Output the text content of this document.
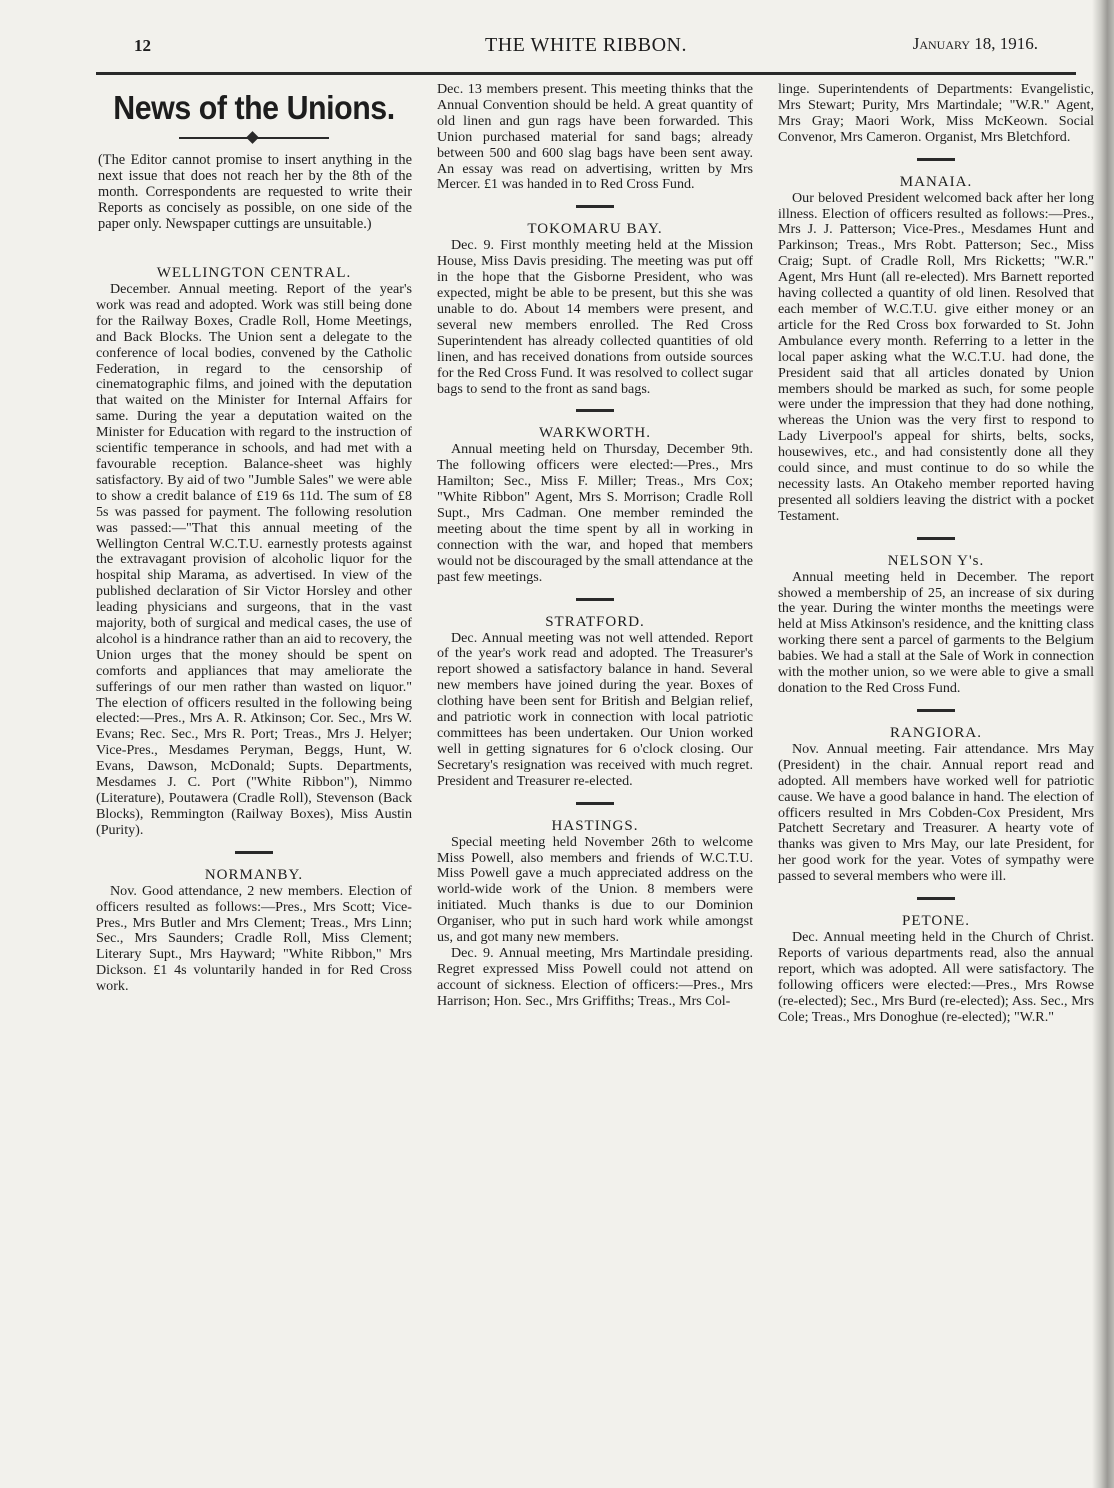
12	THE WHITE RIBBON.	January 18, 1916.
News of the Unions.

(The Editor cannot promise to insert anything in the next issue that does not reach her by the 8th of the month. Correspondents are requested to write their Reports as concisely as possible, on one side of the paper only. Newspaper cuttings are unsuitable.)

WELLINGTON CENTRAL.

December. Annual meeting. Report of the year's work was read and adopted. Work was still being done for the Railway Boxes, Cradle Roll, Home Meetings, and Back Blocks. The Union sent a delegate to the conference of local bodies, convened by the Catholic Federation, in regard to the censorship of cinematographic films, and joined with the deputation that waited on the Minister for Internal Affairs for same. During the year a deputation waited on the Minister for Education with regard to the instruction of scientific temperance in schools, and had met with a favourable reception. Balance-sheet was highly satisfactory. By aid of two "Jumble Sales" we were able to show a credit balance of £19 6s 11d. The sum of £8 5s was passed for payment. The following resolution was passed:—"That this annual meeting of the Wellington Central W.C.T.U. earnestly protests against the extravagant provision of alcoholic liquor for the hospital ship Marama, as advertised. In view of the published declaration of Sir Victor Horsley and other leading physicians and surgeons, that in the vast majority, both of surgical and medical cases, the use of alcohol is a hindrance rather than an aid to recovery, the Union urges that the money should be spent on comforts and appliances that may ameliorate the sufferings of our men rather than wasted on liquor." The election of officers resulted in the following being elected:—Pres., Mrs A. R. Atkinson; Cor. Sec., Mrs W. Evans; Rec. Sec., Mrs R. Port; Treas., Mrs J. Helyer; Vice-Pres., Mesdames Peryman, Beggs, Hunt, W. Evans, Dawson, McDonald; Supts. Departments, Mesdames J. C. Port ("White Ribbon"), Nimmo (Literature), Poutawera (Cradle Roll), Stevenson (Back Blocks), Remmington (Railway Boxes), Miss Austin (Purity).

NORMANBY.

Nov. Good attendance, 2 new members. Election of officers resulted as follows:—Pres., Mrs Scott; Vice-Pres., Mrs Butler and Mrs Clement; Treas., Mrs Linn; Sec., Mrs Saunders; Cradle Roll, Miss Clement; Literary Supt., Mrs Hayward; "White Ribbon," Mrs Dickson. £1 4s voluntarily handed in for Red Cross work.

Dec. 13 members present. This meeting thinks that the Annual Convention should be held. A great quantity of old linen and gun rags have been forwarded. This Union purchased material for sand bags; already between 500 and 600 slag bags have been sent away. An essay was read on advertising, written by Mrs Mercer. £1 was handed in to Red Cross Fund.

TOKOMARU BAY.

Dec. 9. First monthly meeting held at the Mission House, Miss Davis presiding. The meeting was put off in the hope that the Gisborne President, who was expected, might be able to be present, but this she was unable to do. About 14 members were present, and several new members enrolled. The Red Cross Superintendent has already collected quantities of old linen, and has received donations from outside sources for the Red Cross Fund. It was resolved to collect sugar bags to send to the front as sand bags.

WARKWORTH.

Annual meeting held on Thursday, December 9th. The following officers were elected:—Pres., Mrs Hamilton; Sec., Miss F. Miller; Treas., Mrs Cox; "White Ribbon" Agent, Mrs S. Morrison; Cradle Roll Supt., Mrs Cadman. One member reminded the meeting about the time spent by all in working in connection with the war, and hoped that members would not be discouraged by the small attendance at the past few meetings.

STRATFORD.

Dec. Annual meeting was not well attended. Report of the year's work read and adopted. The Treasurer's report showed a satisfactory balance in hand. Several new members have joined during the year. Boxes of clothing have been sent for British and Belgian relief, and patriotic work in connection with local patriotic committees has been undertaken. Our Union worked well in getting signatures for 6 o'clock closing. Our Secretary's resignation was received with much regret. President and Treasurer re-elected.

HASTINGS.

Special meeting held November 26th to welcome Miss Powell, also members and friends of W.C.T.U. Miss Powell gave a much appreciated address on the world-wide work of the Union. 8 members were initiated. Much thanks is due to our Dominion Organiser, who put in such hard work while amongst us, and got many new members.

Dec. 9. Annual meeting, Mrs Martindale presiding. Regret expressed Miss Powell could not attend on account of sickness. Election of officers:—Pres., Mrs Harrison; Hon. Sec., Mrs Griffiths; Treas., Mrs Col-

linge. Superintendents of Departments: Evangelistic, Mrs Stewart; Purity, Mrs Martindale; "W.R." Agent, Mrs Gray; Maori Work, Miss McKeown. Social Convenor, Mrs Cameron. Organist, Mrs Bletchford.

MANAIA.

Our beloved President welcomed back after her long illness. Election of officers resulted as follows:—Pres., Mrs J. J. Patterson; Vice-Pres., Mesdames Hunt and Parkinson; Treas., Mrs Robt. Patterson; Sec., Miss Craig; Supt. of Cradle Roll, Mrs Ricketts; "W.R." Agent, Mrs Hunt (all re-elected). Mrs Barnett reported having collected a quantity of old linen. Resolved that each member of W.C.T.U. give either money or an article for the Red Cross box forwarded to St. John Ambulance every month. Referring to a letter in the local paper asking what the W.C.T.U. had done, the President said that all articles donated by Union members should be marked as such, for some people were under the impression that they had done nothing, whereas the Union was the very first to respond to Lady Liverpool's appeal for shirts, belts, socks, housewives, etc., and had consistently done all they could since, and must continue to do so while the necessity lasts. An Otakeho member reported having presented all soldiers leaving the district with a pocket Testament.

NELSON Y's.

Annual meeting held in December. The report showed a membership of 25, an increase of six during the year. During the winter months the meetings were held at Miss Atkinson's residence, and the knitting class working there sent a parcel of garments to the Belgium babies. We had a stall at the Sale of Work in connection with the mother union, so we were able to give a small donation to the Red Cross Fund.

RANGIORA.

Nov. Annual meeting. Fair attendance. Mrs May (President) in the chair. Annual report read and adopted. All members have worked well for patriotic cause. We have a good balance in hand. The election of officers resulted in Mrs Cobden-Cox President, Mrs Patchett Secretary and Treasurer. A hearty vote of thanks was given to Mrs May, our late President, for her good work for the year. Votes of sympathy were passed to several members who were ill.

PETONE.

Dec. Annual meeting held in the Church of Christ. Reports of various departments read, also the annual report, which was adopted. All were satisfactory. The following officers were elected:—Pres., Mrs Rowse (re-elected); Sec., Mrs Burd (re-elected); Ass. Sec., Mrs Cole; Treas., Mrs Donoghue (re-elected); "W.R."
